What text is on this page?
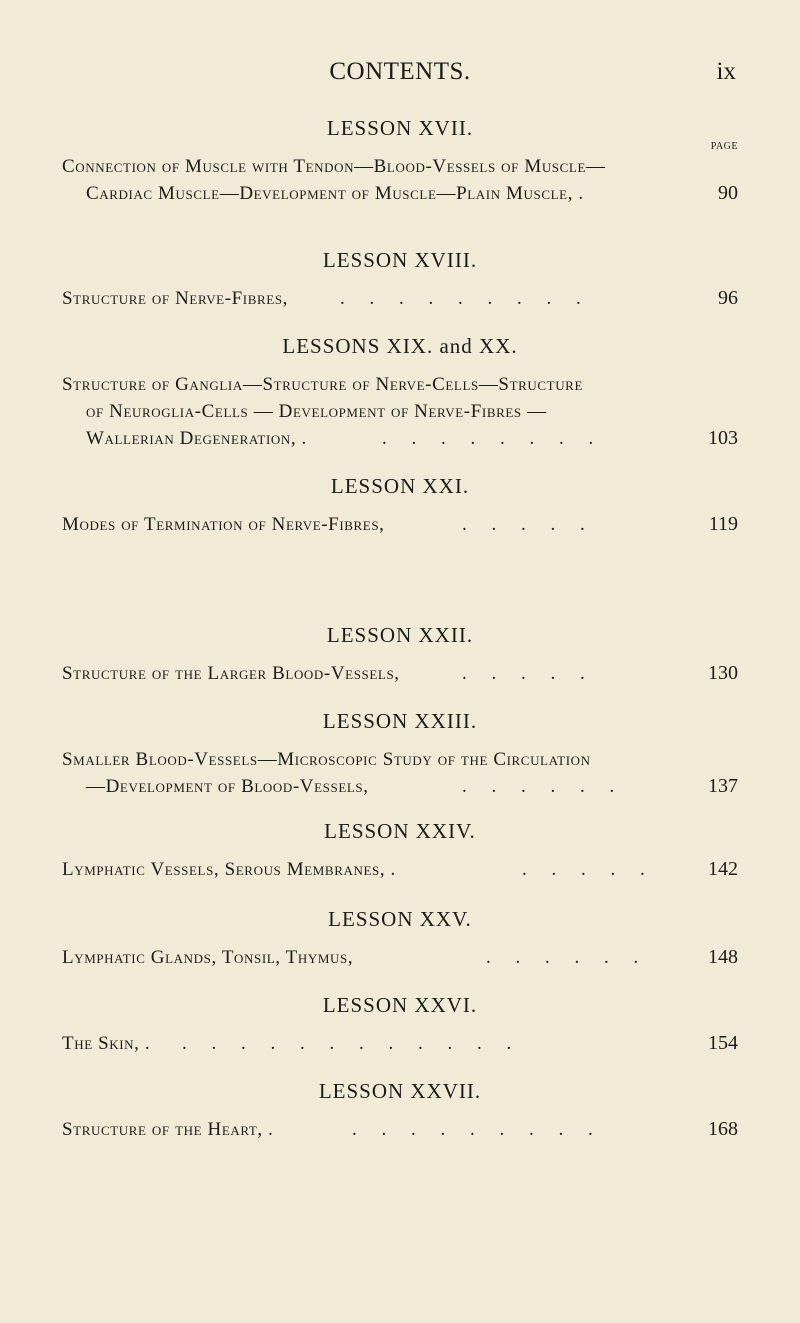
CONTENTS.	ix
LESSON XVII.
PAGE
Connection of Muscle with Tendon—Blood-Vessels of Muscle—
Cardiac Muscle—Development of Muscle—Plain Muscle, .	90
LESSON XVIII.
Structure of Nerve-Fibres,	. . . . . . . . .	96
LESSONS XIX. and XX.
Structure of Ganglia—Structure of Nerve-Cells—Structure
of Neuroglia-Cells — Development of Nerve-Fibres —
Wallerian Degeneration, .	. . . . . . . .	103
LESSON XXI.
Modes of Termination of Nerve-Fibres,	. . . . .	119
LESSON XXII.
Structure of the Larger Blood-Vessels,	. . . . .	130
LESSON XXIII.
Smaller Blood-Vessels—Microscopic Study of the Circulation
—Development of Blood-Vessels,	. . . . . .	137
LESSON XXIV.
Lymphatic Vessels, Serous Membranes, .	. . . . .	142
LESSON XXV.
Lymphatic Glands, Tonsil, Thymus,	. . . . . .	148
LESSON XXVI.
The Skin, . . . . . . . . . . . . .	154
LESSON XXVII.
Structure of the Heart, .	. . . . . . . . .	168
